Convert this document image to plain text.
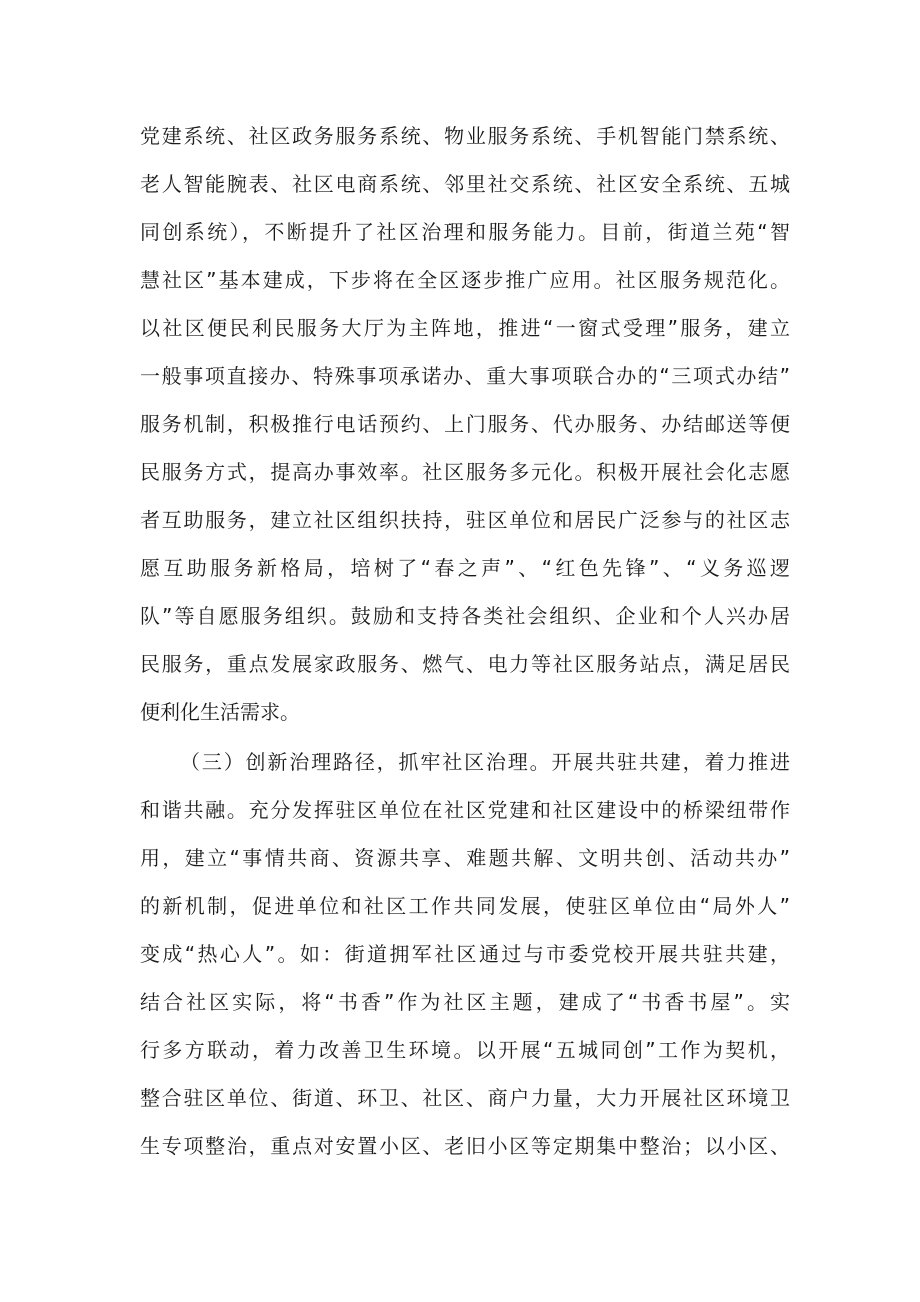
党建系统、社区政务服务系统、物业服务系统、手机智能门禁系统、
老人智能腕表、社区电商系统、邻里社交系统、社区安全系统、五城
同创系统），不断提升了社区治理和服务能力。目前，街道兰苑“智
慧社区”基本建成，下步将在全区逐步推广应用。社区服务规范化。
以社区便民利民服务大厅为主阵地，推进“一窗式受理”服务，建立
一般事项直接办、特殊事项承诺办、重大事项联合办的“三项式办结”
服务机制，积极推行电话预约、上门服务、代办服务、办结邮送等便
民服务方式，提高办事效率。社区服务多元化。积极开展社会化志愿
者互助服务，建立社区组织扶持，驻区单位和居民广泛参与的社区志
愿互助服务新格局，培树了“春之声”、“红色先锋”、“义务巡逻
队”等自愿服务组织。鼓励和支持各类社会组织、企业和个人兴办居
民服务，重点发展家政服务、燃气、电力等社区服务站点，满足居民
便利化生活需求。
（三）创新治理路径，抓牢社区治理。开展共驻共建，着力推进
和谐共融。充分发挥驻区单位在社区党建和社区建设中的桥梁纽带作
用，建立“事情共商、资源共享、难题共解、文明共创、活动共办”
的新机制，促进单位和社区工作共同发展，使驻区单位由“局外人”
变成“热心人”。如：街道拥军社区通过与市委党校开展共驻共建，
结合社区实际，将“书香”作为社区主题，建成了“书香书屋”。实
行多方联动，着力改善卫生环境。以开展“五城同创”工作为契机，
整合驻区单位、街道、环卫、社区、商户力量，大力开展社区环境卫
生专项整治，重点对安置小区、老旧小区等定期集中整治；以小区、
